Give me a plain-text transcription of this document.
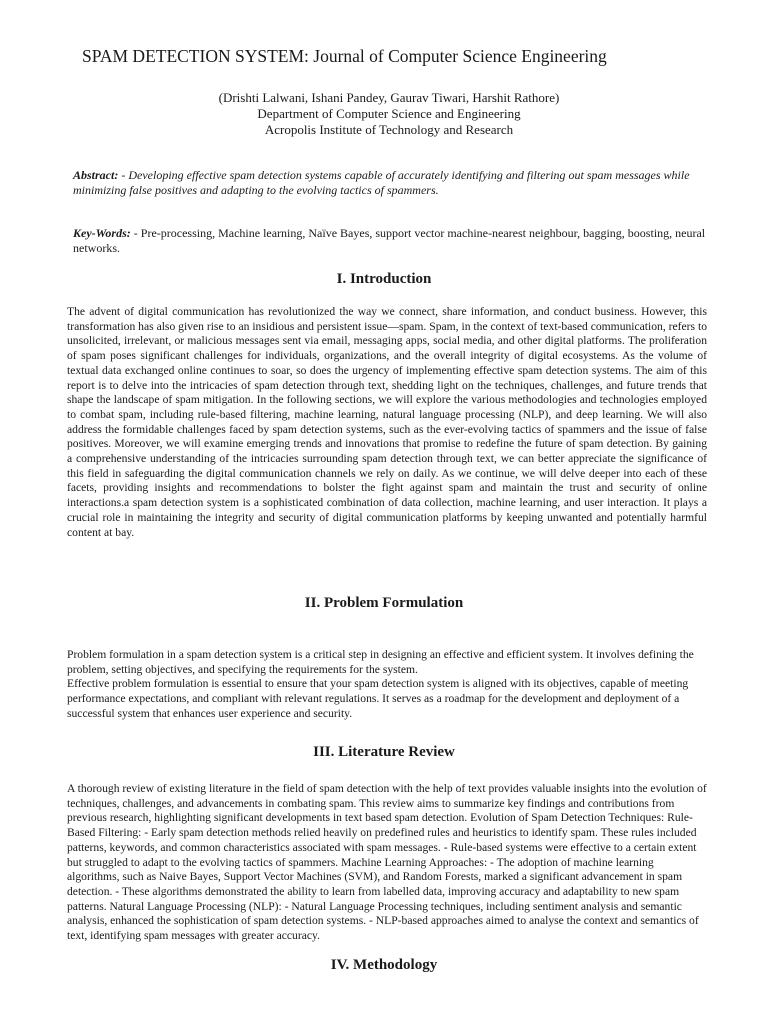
SPAM DETECTION SYSTEM: Journal of Computer Science Engineering
(Drishti Lalwani, Ishani Pandey, Gaurav Tiwari, Harshit Rathore)
Department of Computer Science and Engineering
Acropolis Institute of Technology and Research
Abstract: - Developing effective spam detection systems capable of accurately identifying and filtering out spam messages while minimizing false positives and adapting to the evolving tactics of spammers.
Key-Words: - Pre-processing, Machine learning, Naïve Bayes, support vector machine-nearest neighbour, bagging, boosting, neural networks.
I. Introduction
The advent of digital communication has revolutionized the way we connect, share information, and conduct business. However, this transformation has also given rise to an insidious and persistent issue—spam. Spam, in the context of text-based communication, refers to unsolicited, irrelevant, or malicious messages sent via email, messaging apps, social media, and other digital platforms. The proliferation of spam poses significant challenges for individuals, organizations, and the overall integrity of digital ecosystems. As the volume of textual data exchanged online continues to soar, so does the urgency of implementing effective spam detection systems. The aim of this report is to delve into the intricacies of spam detection through text, shedding light on the techniques, challenges, and future trends that shape the landscape of spam mitigation. In the following sections, we will explore the various methodologies and technologies employed to combat spam, including rule-based filtering, machine learning, natural language processing (NLP), and deep learning. We will also address the formidable challenges faced by spam detection systems, such as the ever-evolving tactics of spammers and the issue of false positives. Moreover, we will examine emerging trends and innovations that promise to redefine the future of spam detection. By gaining a comprehensive understanding of the intricacies surrounding spam detection through text, we can better appreciate the significance of this field in safeguarding the digital communication channels we rely on daily. As we continue, we will delve deeper into each of these facets, providing insights and recommendations to bolster the fight against spam and maintain the trust and security of online interactions.a spam detection system is a sophisticated combination of data collection, machine learning, and user interaction. It plays a crucial role in maintaining the integrity and security of digital communication platforms by keeping unwanted and potentially harmful content at bay.
II. Problem Formulation

Problem formulation in a spam detection system is a critical step in designing an effective and efficient system. It involves defining the problem, setting objectives, and specifying the requirements for the system.

Effective problem formulation is essential to ensure that your spam detection system is aligned with its objectives, capable of meeting performance expectations, and compliant with relevant regulations. It serves as a roadmap for the development and deployment of a successful system that enhances user experience and security.

III. Literature Review
A thorough review of existing literature in the field of spam detection with the help of text provides valuable insights into the evolution of techniques, challenges, and advancements in combating spam. This review aims to summarize key findings and contributions from previous research, highlighting significant developments in text based spam detection. Evolution of Spam Detection Techniques: Rule-Based Filtering: - Early spam detection methods relied heavily on predefined rules and heuristics to identify spam. These rules included patterns, keywords, and common characteristics associated with spam messages. - Rule-based systems were effective to a certain extent but struggled to adapt to the evolving tactics of spammers. Machine Learning Approaches: - The adoption of machine learning algorithms, such as Naive Bayes, Support Vector Machines (SVM), and Random Forests, marked a significant advancement in spam detection. - These algorithms demonstrated the ability to learn from labelled data, improving accuracy and adaptability to new spam patterns. Natural Language Processing (NLP): - Natural Language Processing techniques, including sentiment analysis and semantic analysis, enhanced the sophistication of spam detection systems. - NLP-based approaches aimed to analyse the context and semantics of text, identifying spam messages with greater accuracy.
IV. Methodology
